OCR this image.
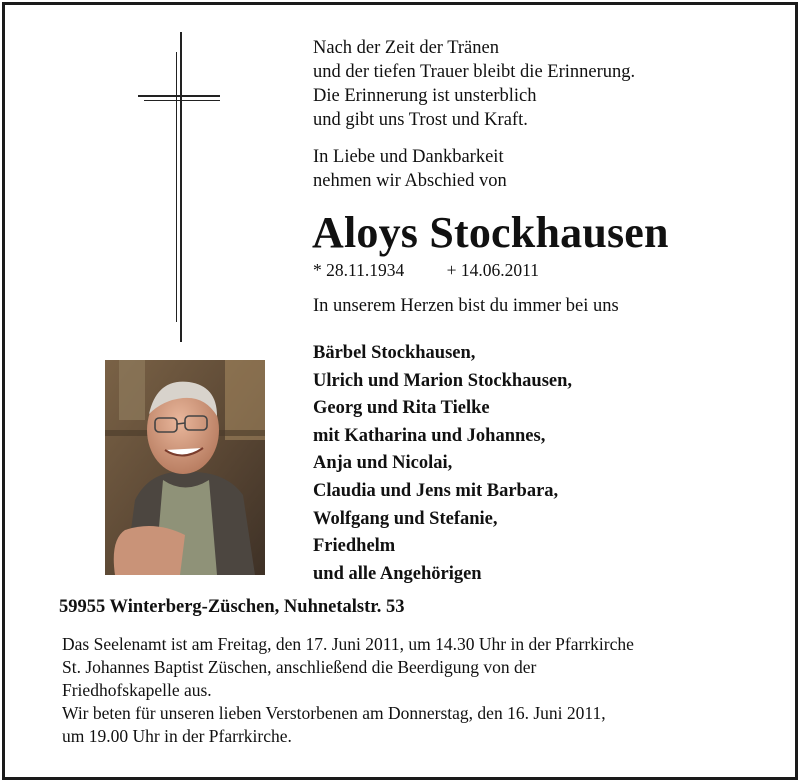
Nach der Zeit der Tränen
und der tiefen Trauer bleibt die Erinnerung.
Die Erinnerung ist unsterblich
und gibt uns Trost und Kraft.
In Liebe und Dankbarkeit
nehmen wir Abschied von
Aloys Stockhausen
* 28.11.1934 + 14.06.2011
In unserem Herzen bist du immer bei uns
Bärbel Stockhausen,
Ulrich und Marion Stockhausen,
Georg und Rita Tielke
mit Katharina und Johannes,
Anja und Nicolai,
Claudia und Jens mit Barbara,
Wolfgang und Stefanie,
Friedhelm
und alle Angehörigen
59955 Winterberg-Züschen, Nuhnetalstr. 53
Das Seelenamt ist am Freitag, den 17. Juni 2011, um 14.30 Uhr in der Pfarrkirche
St. Johannes Baptist Züschen, anschließend die Beerdigung von der
Friedhofskapelle aus.
Wir beten für unseren lieben Verstorbenen am Donnerstag, den 16. Juni 2011,
um 19.00 Uhr in der Pfarrkirche.
